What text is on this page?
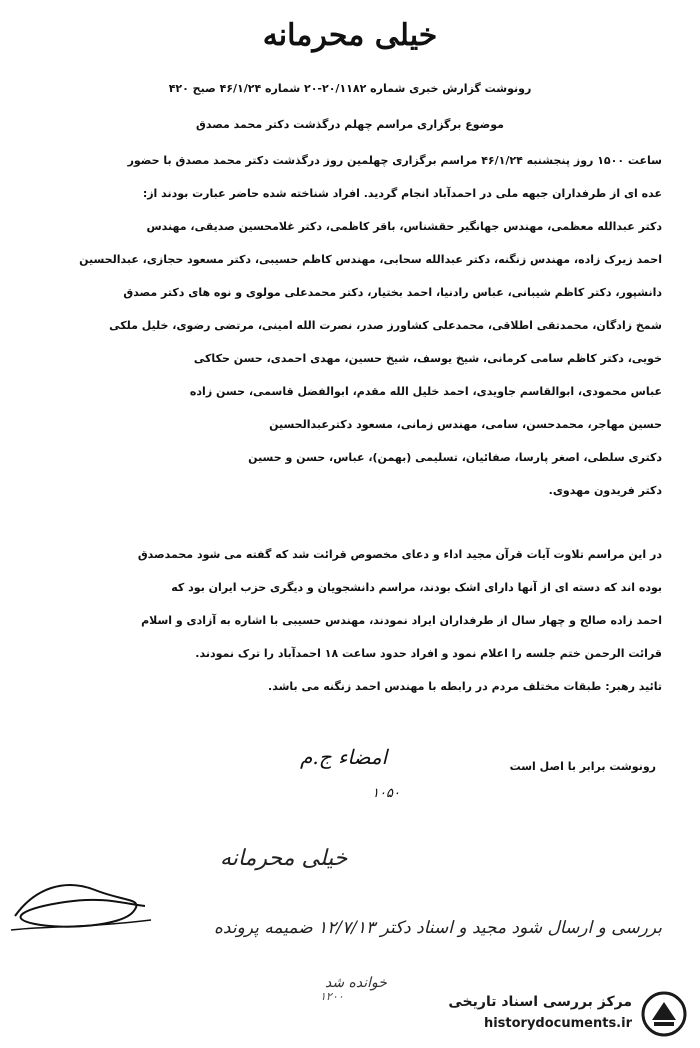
خیلی محرمانه
رونوشت گزارش خبری شماره ۲۰/۱۱۸۲-۲۰ شماره ۴۶/۱/۲۴ صبح ۴۲۰
موضوع برگزاری مراسم چهلم درگذشت دکتر محمد مصدق
ساعت ۱۵۰۰ روز پنجشنبه ۴۶/۱/۲۴ مراسم برگزاری چهلمین روز درگذشت دکتر محمد مصدق با حضور
عده ای از طرفداران جبهه ملی در احمدآباد انجام گردید. افراد شناخته شده حاضر عبارت بودند از:
دکتر عبدالله معظمی، مهندس جهانگیر حقشناس، باقر کاظمی، دکتر غلامحسین صدیقی، مهندس
احمد زیرک زاده، مهندس زنگنه، دکتر عبدالله سحابی، مهندس کاظم حسیبی، دکتر مسعود حجازی، عبدالحسین
دانشپور، دکتر کاظم شیبانی، عباس رادنیا، احمد بختیار، دکتر محمدعلی مولوی و نوه های دکتر مصدق
شمخ زادگان، محمدتقی اطلاقی، محمدعلی کشاورز صدر، نصرت الله امینی، مرتضی رضوی، خلیل ملکی
خویی، دکتر کاظم سامی کرمانی، شیخ یوسف، شیخ حسین، مهدی احمدی، حسن حکاکی
عباس محمودی، ابوالقاسم جاویدی، احمد خلیل الله مقدم، ابوالفضل قاسمی، حسن زاده
حسین مهاجر، محمدحسن، سامی، مهندس زمانی، مسعود دکترعبدالحسین
دکتری سلطی، اصغر پارسا، صفائیان، تسلیمی (بهمن)، عباس، حسن و حسین
دکتر فریدون مهدوی.
در این مراسم تلاوت آیات قرآن مجید اداء و دعای مخصوص قرائت شد که گفته می شود محمدصدق
بوده اند که دسته ای از آنها دارای اشک بودند، مراسم دانشجویان و دیگری حزب ایران بود که
احمد زاده صالح و چهار سال از طرفداران ایراد نمودند، مهندس حسیبی با اشاره به آزادی و اسلام
قرائت الرحمن ختم جلسه را اعلام نمود و افراد حدود ساعت ۱۸ احمدآباد را ترک نمودند.
تائید رهبر: طبقات مختلف مردم در رابطه با مهندس احمد زنگنه می باشد.
رونوشت برابر با اصل است
امضاء ج.م
۱۰۵۰
خیلی محرمانه
بررسی و ارسال شود مجید و اسناد دکتر ۱۲/۷/۱۳ ضمیمه پرونده
خوانده شد
۱۲۰۰	مرکز بررسی اسناد تاریخی
historydocuments.ir
